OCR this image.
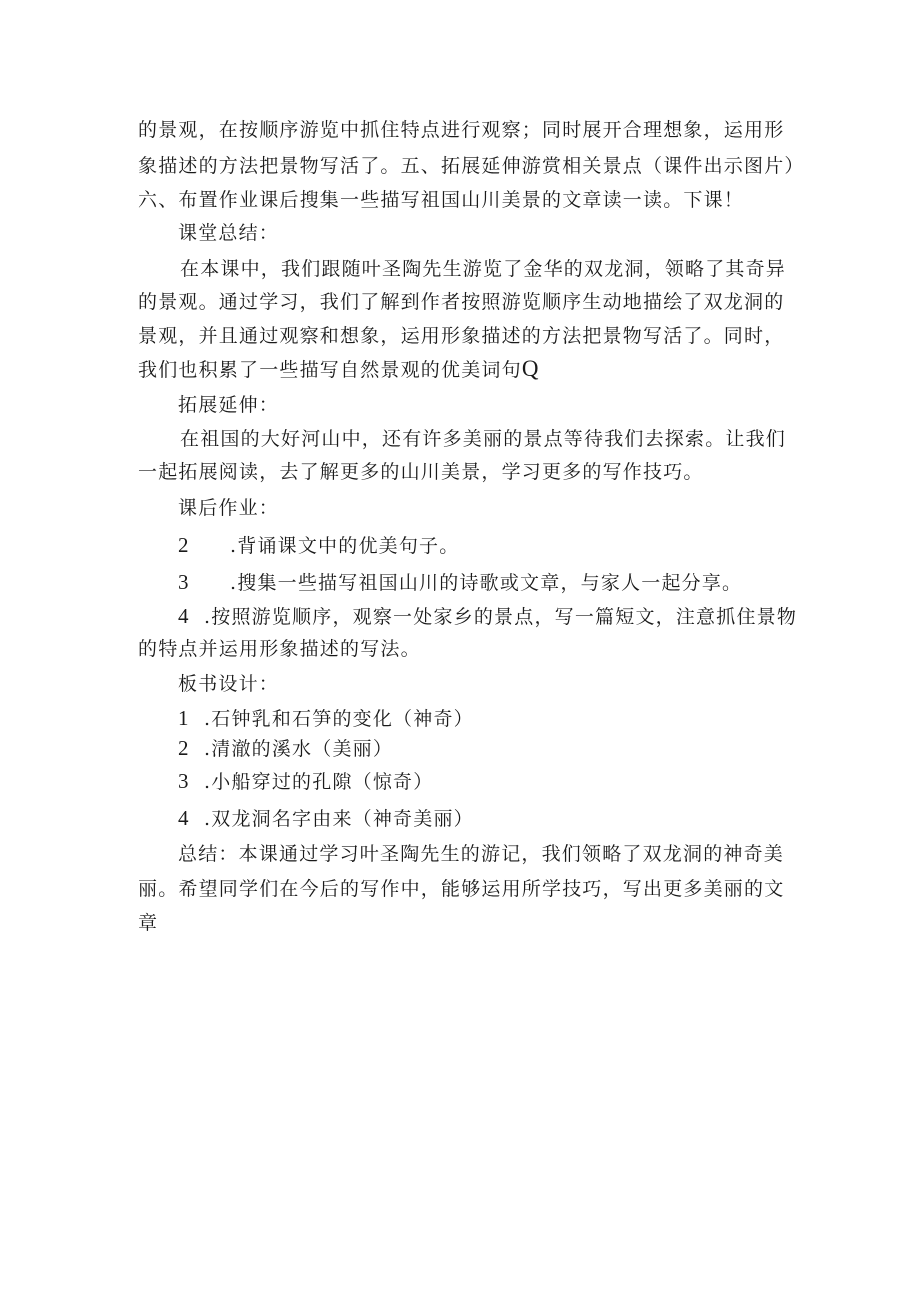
的景观，在按顺序游览中抓住特点进行观察；同时展开合理想象，运用形
象描述的方法把景物写活了。五、拓展延伸游赏相关景点（课件出示图片）
六、布置作业课后搜集一些描写祖国山川美景的文章读一读。下课！
课堂总结：
在本课中，我们跟随叶圣陶先生游览了金华的双龙洞，领略了其奇异
的景观。通过学习，我们了解到作者按照游览顺序生动地描绘了双龙洞的
景观，并且通过观察和想象，运用形象描述的方法把景物写活了。同时，
我们也积累了一些描写自然景观的优美词句Q
拓展延伸：
在祖国的大好河山中，还有许多美丽的景点等待我们去探索。让我们
一起拓展阅读，去了解更多的山川美景，学习更多的写作技巧。
课后作业：
2 .背诵课文中的优美句子。
3 .搜集一些描写祖国山川的诗歌或文章，与家人一起分享。
4 .按照游览顺序，观察一处家乡的景点，写一篇短文，注意抓住景物
的特点并运用形象描述的写法。
板书设计：
1 .石钟乳和石笋的变化（神奇）
2 .清澈的溪水（美丽）
3 .小船穿过的孔隙（惊奇）
4 .双龙洞名字由来（神奇美丽）
总结：本课通过学习叶圣陶先生的游记，我们领略了双龙洞的神奇美
丽。希望同学们在今后的写作中，能够运用所学技巧，写出更多美丽的文
章
